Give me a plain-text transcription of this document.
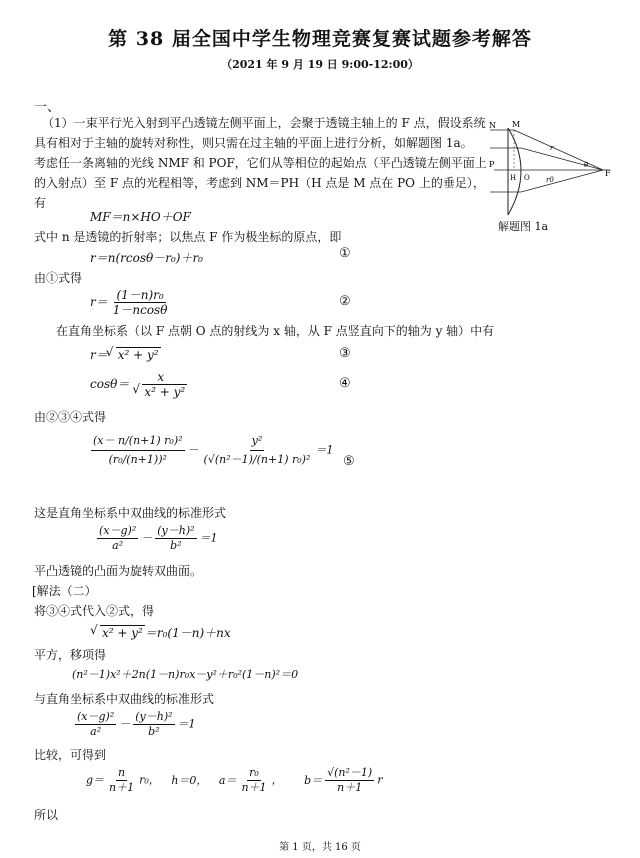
第 38 届全国中学生物理竞赛复赛试题参考解答
（2021 年 9 月 19 日 9:00-12:00）
一、
（1）一束平行光入射到平凸透镜左侧平面上，会聚于透镜主轴上的 F 点，假设系统
具有相对于主轴的旋转对称性，则只需在过主轴的平面上进行分析，如解题图 1a。
考虑任一条离轴的光线 NMF 和 POF，它们从等相位的起始点（平凸透镜左侧平面上
的入射点）至 F 点的光程相等，考虑到 NM＝PH（H 点是 M 点在 PO 上的垂足），
有
N M
P
H O	F
r0
r
θ
解题图 1a
MF＝n×HO＋OF
式中 n 是透镜的折射率；以焦点 F 作为极坐标的原点，即
r＝n(rcosθ－r₀)＋r₀	①
由①式得
$r= \frac{\text{(1－n)r₀}}{1-ncos\theta}$	②
在直角坐标系（以 F 点朝 O 点的射线为 x 轴，从 F 点竖直向下的轴为 y 轴）中有
r＝√ x² + y²	③
cosθ＝ x
√ x² + y²	④
由②③④式得
$\frac{\text{(x－ n/(n+1) r₀)²}}{\text{(r₀/(n+1))²}} - \frac{\text{y²}}{\text{(√(n²－1)/(n+1) r₀)²}} =1$
⑤
这是直角坐标系中双曲线的标准形式
$\frac{\text{(x－g)²}}{\text{a²}} - \frac{\text{(y－h)²}}{\text{b²}} =1$
平凸透镜的凸面为旋转双曲面。
[解法（二）
将③④式代入②式，得
√ x² + y² ＝r₀(1－n)＋nx
平方，移项得
(n²－1)x²＋2n(1－n)r₀x－y²＋r₀²(1－n)²＝0
与直角坐标系中双曲线的标准形式
$\frac{\text{(x－g)²}}{\text{a²}} - \frac{\text{(y－h)²}}{\text{b²}} =1$
比较，可得到
$g= \frac{n}{n+1} r_0$， h＝0， $a= \frac{\text{r₀}}{n+1}$ ， $b= \frac{\text{√(n²－1)}}{n+1}$ r
所以
第 1 页，共 16 页
